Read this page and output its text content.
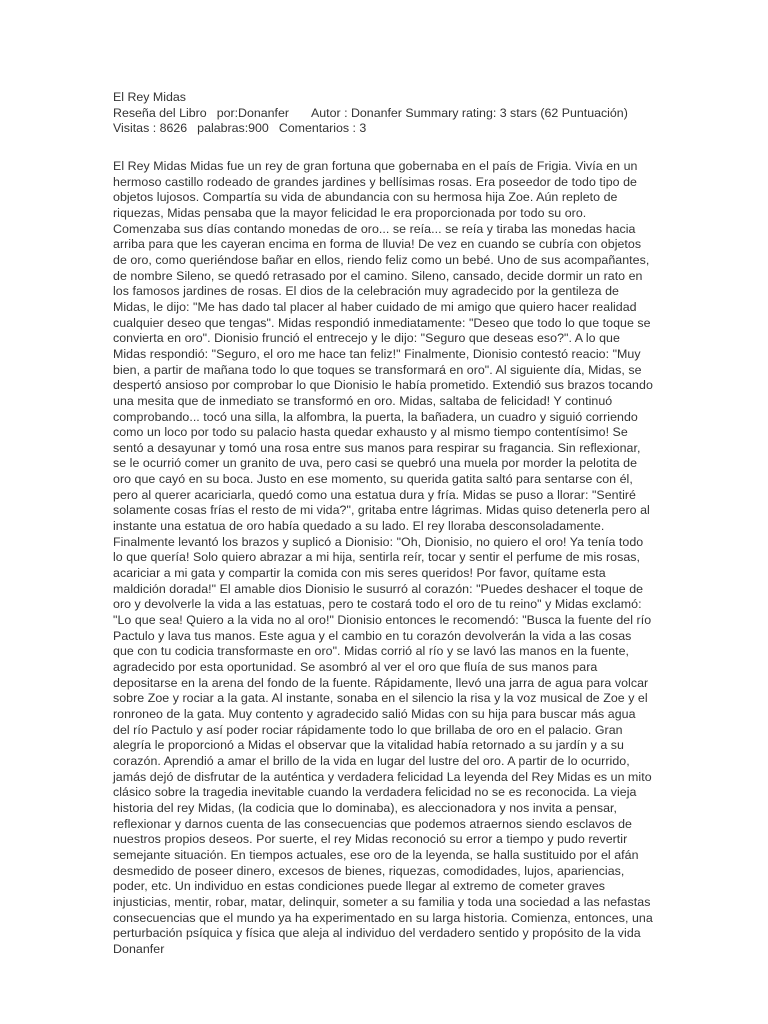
El Rey Midas
Reseña del Libro por:Donanfer Autor : Donanfer Summary rating: 3 stars (62 Puntuación)
Visitas : 8626 palabras:900 Comentarios : 3
El Rey Midas Midas fue un rey de gran fortuna que gobernaba en el país de Frigia. Vivía en un
hermoso castillo rodeado de grandes jardines y bellísimas rosas. Era poseedor de todo tipo de
objetos lujosos. Compartía su vida de abundancia con su hermosa hija Zoe. Aún repleto de
riquezas, Midas pensaba que la mayor felicidad le era proporcionada por todo su oro.
Comenzaba sus días contando monedas de oro... se reía... se reía y tiraba las monedas hacia
arriba para que les cayeran encima en forma de lluvia! De vez en cuando se cubría con objetos
de oro, como queriéndose bañar en ellos, riendo feliz como un bebé. Uno de sus acompañantes,
de nombre Sileno, se quedó retrasado por el camino. Sileno, cansado, decide dormir un rato en
los famosos jardines de rosas. El dios de la celebración muy agradecido por la gentileza de
Midas, le dijo: "Me has dado tal placer al haber cuidado de mi amigo que quiero hacer realidad
cualquier deseo que tengas". Midas respondió inmediatamente: "Deseo que todo lo que toque se
convierta en oro". Dionisio frunció el entrecejo y le dijo: "Seguro que deseas eso?". A lo que
Midas respondió: "Seguro, el oro me hace tan feliz!" Finalmente, Dionisio contestó reacio: "Muy
bien, a partir de mañana todo lo que toques se transformará en oro". Al siguiente día, Midas, se
despertó ansioso por comprobar lo que Dionisio le había prometido. Extendió sus brazos tocando
una mesita que de inmediato se transformó en oro. Midas, saltaba de felicidad! Y continuó
comprobando... tocó una silla, la alfombra, la puerta, la bañadera, un cuadro y siguió corriendo
como un loco por todo su palacio hasta quedar exhausto y al mismo tiempo contentísimo! Se
sentó a desayunar y tomó una rosa entre sus manos para respirar su fragancia. Sin reflexionar,
se le ocurrió comer un granito de uva, pero casi se quebró una muela por morder la pelotita de
oro que cayó en su boca. Justo en ese momento, su querida gatita saltó para sentarse con él,
pero al querer acariciarla, quedó como una estatua dura y fría. Midas se puso a llorar: "Sentiré
solamente cosas frías el resto de mi vida?", gritaba entre lágrimas. Midas quiso detenerla pero al
instante una estatua de oro había quedado a su lado. El rey lloraba desconsoladamente.
Finalmente levantó los brazos y suplicó a Dionisio: "Oh, Dionisio, no quiero el oro! Ya tenía todo
lo que quería! Solo quiero abrazar a mi hija, sentirla reír, tocar y sentir el perfume de mis rosas,
acariciar a mi gata y compartir la comida con mis seres queridos! Por favor, quítame esta
maldición dorada!" El amable dios Dionisio le susurró al corazón: "Puedes deshacer el toque de
oro y devolverle la vida a las estatuas, pero te costará todo el oro de tu reino" y Midas exclamó:
"Lo que sea! Quiero a la vida no al oro!" Dionisio entonces le recomendó: "Busca la fuente del río
Pactulo y lava tus manos. Este agua y el cambio en tu corazón devolverán la vida a las cosas
que con tu codicia transformaste en oro". Midas corrió al río y se lavó las manos en la fuente,
agradecido por esta oportunidad. Se asombró al ver el oro que fluía de sus manos para
depositarse en la arena del fondo de la fuente. Rápidamente, llevó una jarra de agua para volcar
sobre Zoe y rociar a la gata. Al instante, sonaba en el silencio la risa y la voz musical de Zoe y el
ronroneo de la gata. Muy contento y agradecido salió Midas con su hija para buscar más agua
del río Pactulo y así poder rociar rápidamente todo lo que brillaba de oro en el palacio. Gran
alegría le proporcionó a Midas el observar que la vitalidad había retornado a su jardín y a su
corazón. Aprendió a amar el brillo de la vida en lugar del lustre del oro. A partir de lo ocurrido,
jamás dejó de disfrutar de la auténtica y verdadera felicidad La leyenda del Rey Midas es un mito
clásico sobre la tragedia inevitable cuando la verdadera felicidad no se es reconocida. La vieja
historia del rey Midas, (la codicia que lo dominaba), es aleccionadora y nos invita a pensar,
reflexionar y darnos cuenta de las consecuencias que podemos atraernos siendo esclavos de
nuestros propios deseos. Por suerte, el rey Midas reconoció su error a tiempo y pudo revertir
semejante situación. En tiempos actuales, ese oro de la leyenda, se halla sustituido por el afán
desmedido de poseer dinero, excesos de bienes, riquezas, comodidades, lujos, apariencias,
poder, etc. Un individuo en estas condiciones puede llegar al extremo de cometer graves
injusticias, mentir, robar, matar, delinquir, someter a su familia y toda una sociedad a las nefastas
consecuencias que el mundo ya ha experimentado en su larga historia. Comienza, entonces, una
perturbación psíquica y física que aleja al individuo del verdadero sentido y propósito de la vida
Donanfer
